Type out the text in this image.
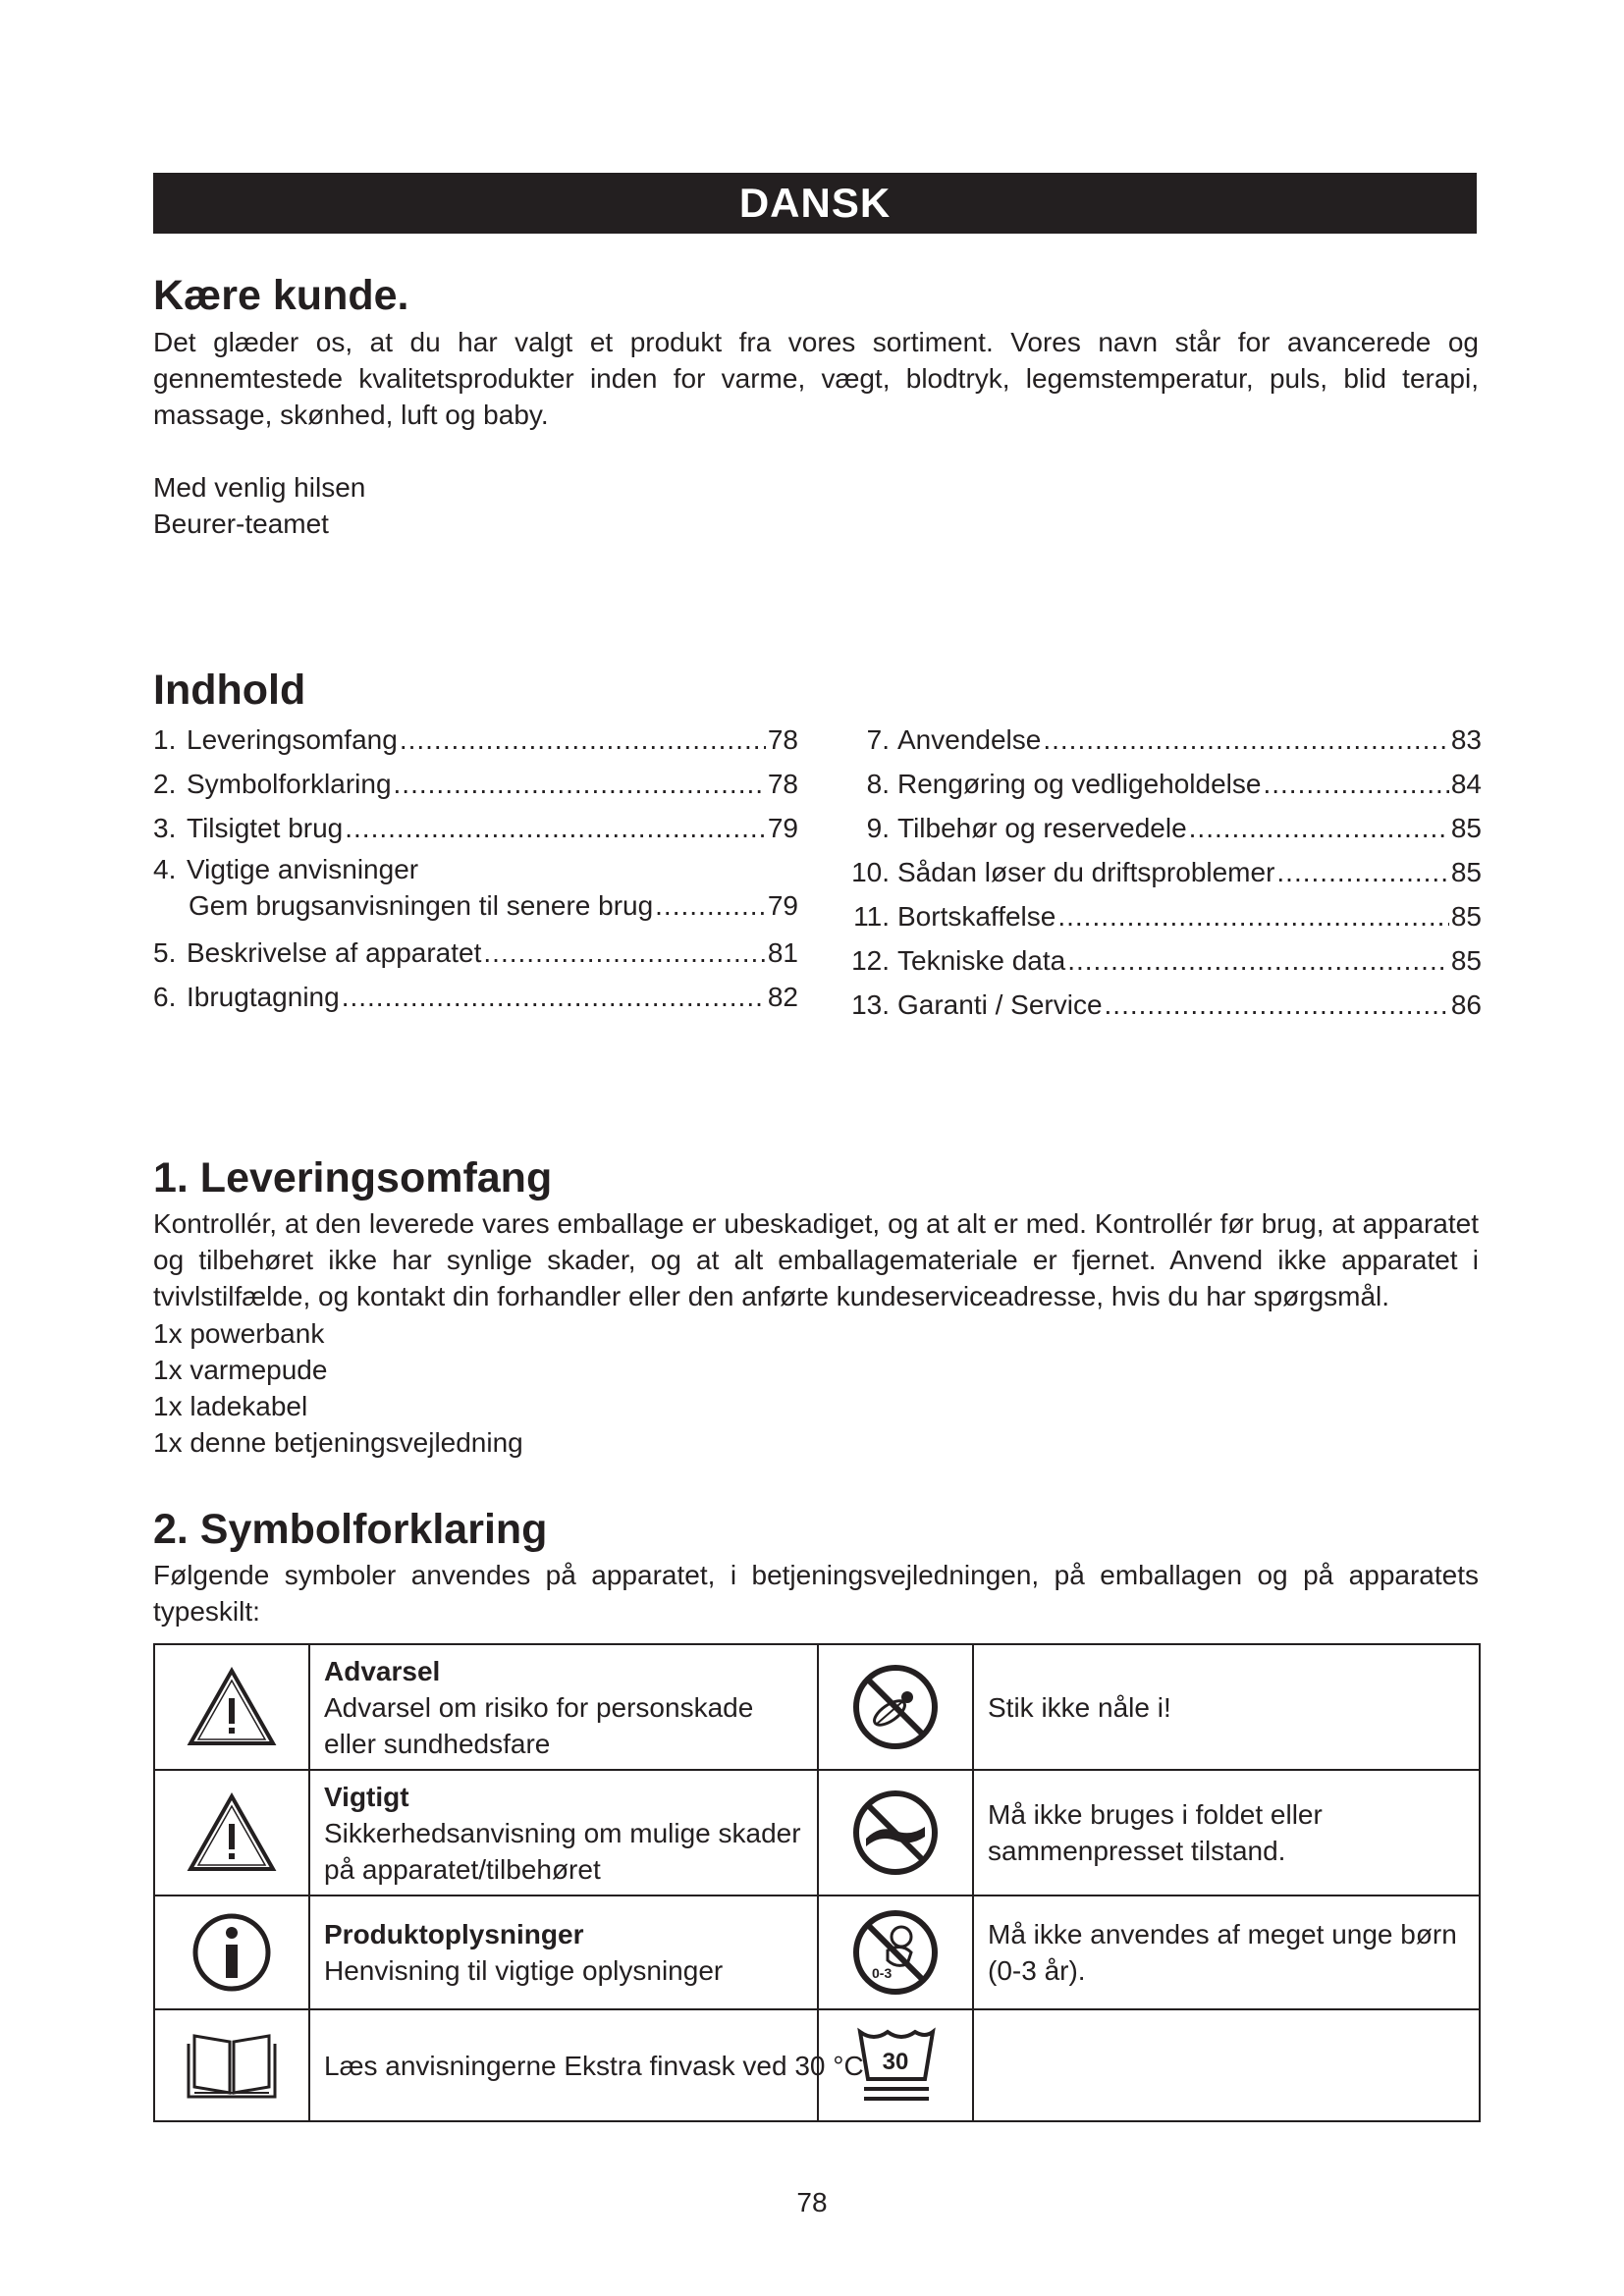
DANSK
Kære kunde.
Det glæder os, at du har valgt et produkt fra vores sortiment. Vores navn står for avancerede og gennemtestede kvalitetsprodukter inden for varme, vægt, blodtryk, legemstemperatur, puls, blid terapi, massage, skønhed, luft og baby.
Med venlig hilsen
Beurer-teamet
Indhold
1. Leveringsomfang .....	78
2. Symbolforklaring .....	78
3. Tilsigtet brug .....	79
4. Vigtige anvisninger
Gem brugsanvisningen til senere brug .....	79
5. Beskrivelse af apparatet .....	81
6. Ibrugtagning .....	82
7. Anvendelse .....	83
8. Rengøring og vedligeholdelse .....	84
9. Tilbehør og reservedele .....	85
10. Sådan løser du driftsproblemer .....	85
11. Bortskaffelse .....	85
12. Tekniske data .....	85
13. Garanti / Service .....	86
1. Leveringsomfang
Kontrollér, at den leverede vares emballage er ubeskadiget, og at alt er med. Kontrollér før brug, at apparatet og tilbehøret ikke har synlige skader, og at alt emballagemateriale er fjernet. Anvend ikke apparatet i tvivlstilfælde, og kontakt din forhandler eller den anførte kundeserviceadresse, hvis du har spørgsmål.
1x powerbank
1x varmepude
1x ladekabel
1x denne betjeningsvejledning
2. Symbolforklaring
Følgende symboler anvendes på apparatet, i betjeningsvejledningen, på emballagen og på apparatets typeskilt:

Advarsel
Advarsel om risiko for personskade eller sundhedsfare		Stik ikke nåle i!

Vigtigt
Sikkerhedsanvisning om mulige skader på apparatet/tilbehøret		Må ikke bruges i foldet eller sammenpresset tilstand.

Produktoplysninger
Henvisning til vigtige oplysninger	0-3	Må ikke anvendes af meget unge børn (0-3 år).

Læs anvisningerne Ekstra finvask ved 30 °C	30	

78
